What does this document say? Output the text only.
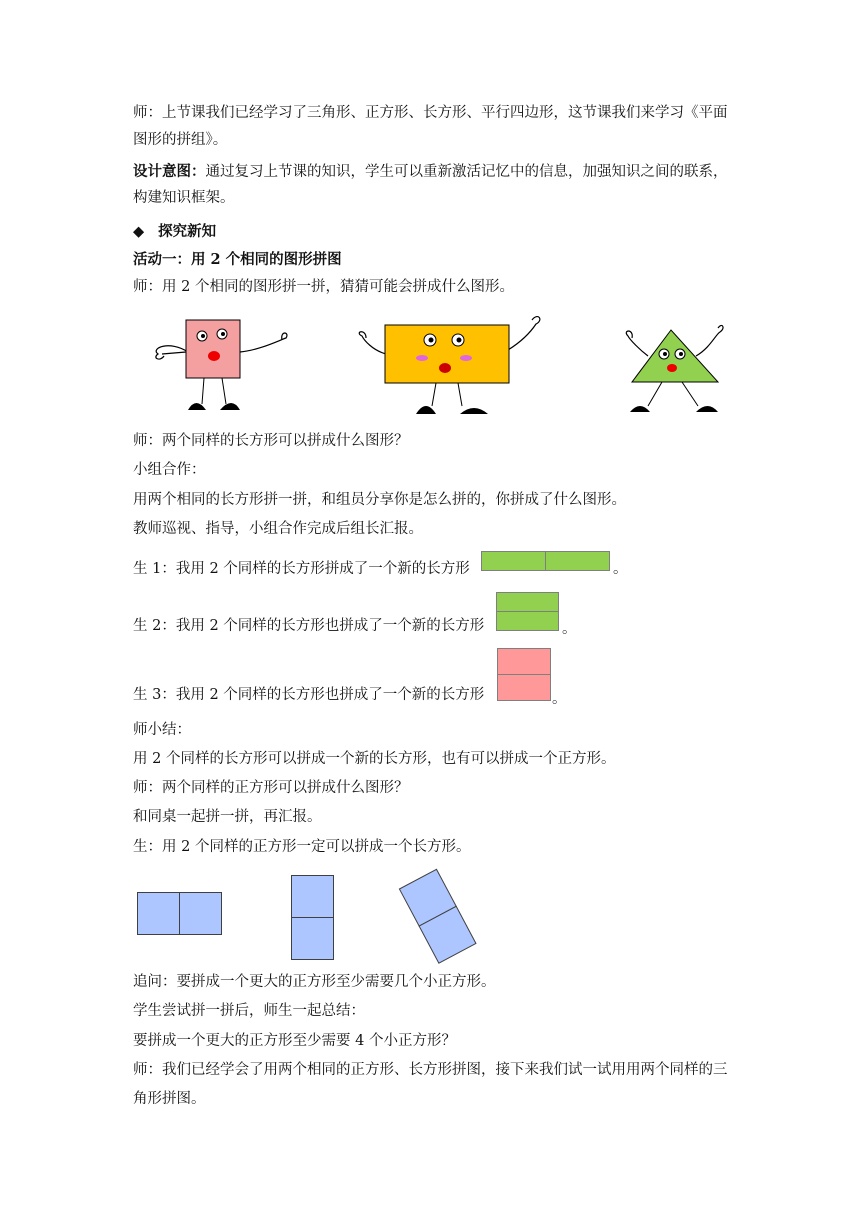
师：上节课我们已经学习了三角形、正方形、长方形、平行四边形，这节课我们来学习《平面

图形的拼组》。

设计意图：通过复习上节课的知识，学生可以重新激活记忆中的信息，加强知识之间的联系，

构建知识框架。

◆ 探究新知

活动一：用 2 个相同的图形拼图

师：用 2 个相同的图形拼一拼，猜猜可能会拼成什么图形。

师：两个同样的长方形可以拼成什么图形？

小组合作：

用两个相同的长方形拼一拼，和组员分享你是怎么拼的，你拼成了什么图形。

教师巡视、指导，小组合作完成后组长汇报。

生 1：我用 2 个同样的长方形拼成了一个新的长方形	。

生 2：我用 2 个同样的长方形也拼成了一个新的长方形	。

生 3：我用 2 个同样的长方形也拼成了一个新的长方形	。

师小结：

用 2 个同样的长方形可以拼成一个新的长方形，也有可以拼成一个正方形。

师：两个同样的正方形可以拼成什么图形？

和同桌一起拼一拼，再汇报。

生：用 2 个同样的正方形一定可以拼成一个长方形。

追问：要拼成一个更大的正方形至少需要几个小正方形。

学生尝试拼一拼后，师生一起总结：

要拼成一个更大的正方形至少需要 4 个小正方形？

师：我们已经学会了用两个相同的正方形、长方形拼图，接下来我们试一试用用两个同样的三

角形拼图。
